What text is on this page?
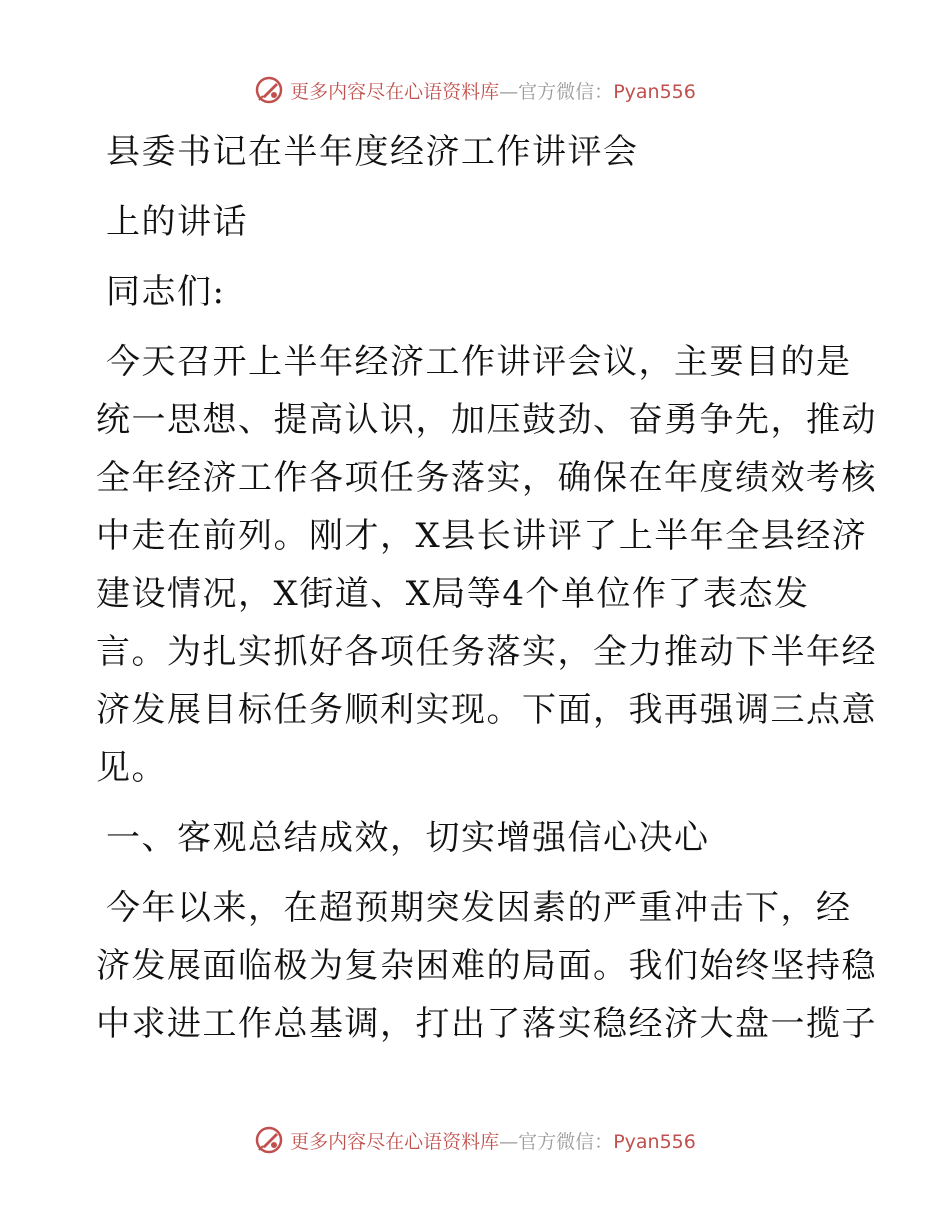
更多内容尽在心语资料库—官方微信：Pyan556
县委书记在半年度经济工作讲评会
上的讲话
同志们:
今天召开上半年经济工作讲评会议，主要目的是
统一思想、提高认识，加压鼓劲、奋勇争先，推动
全年经济工作各项任务落实，确保在年度绩效考核
中走在前列。刚才，X县长讲评了上半年全县经济
建设情况，X街道、X局等4个单位作了表态发
言。为扎实抓好各项任务落实，全力推动下半年经
济发展目标任务顺利实现。下面，我再强调三点意
见。
一、客观总结成效，切实增强信心决心
今年以来，在超预期突发因素的严重冲击下，经
济发展面临极为复杂困难的局面。我们始终坚持稳
中求进工作总基调，打出了落实稳经济大盘一揽子
更多内容尽在心语资料库—官方微信：Pyan556
